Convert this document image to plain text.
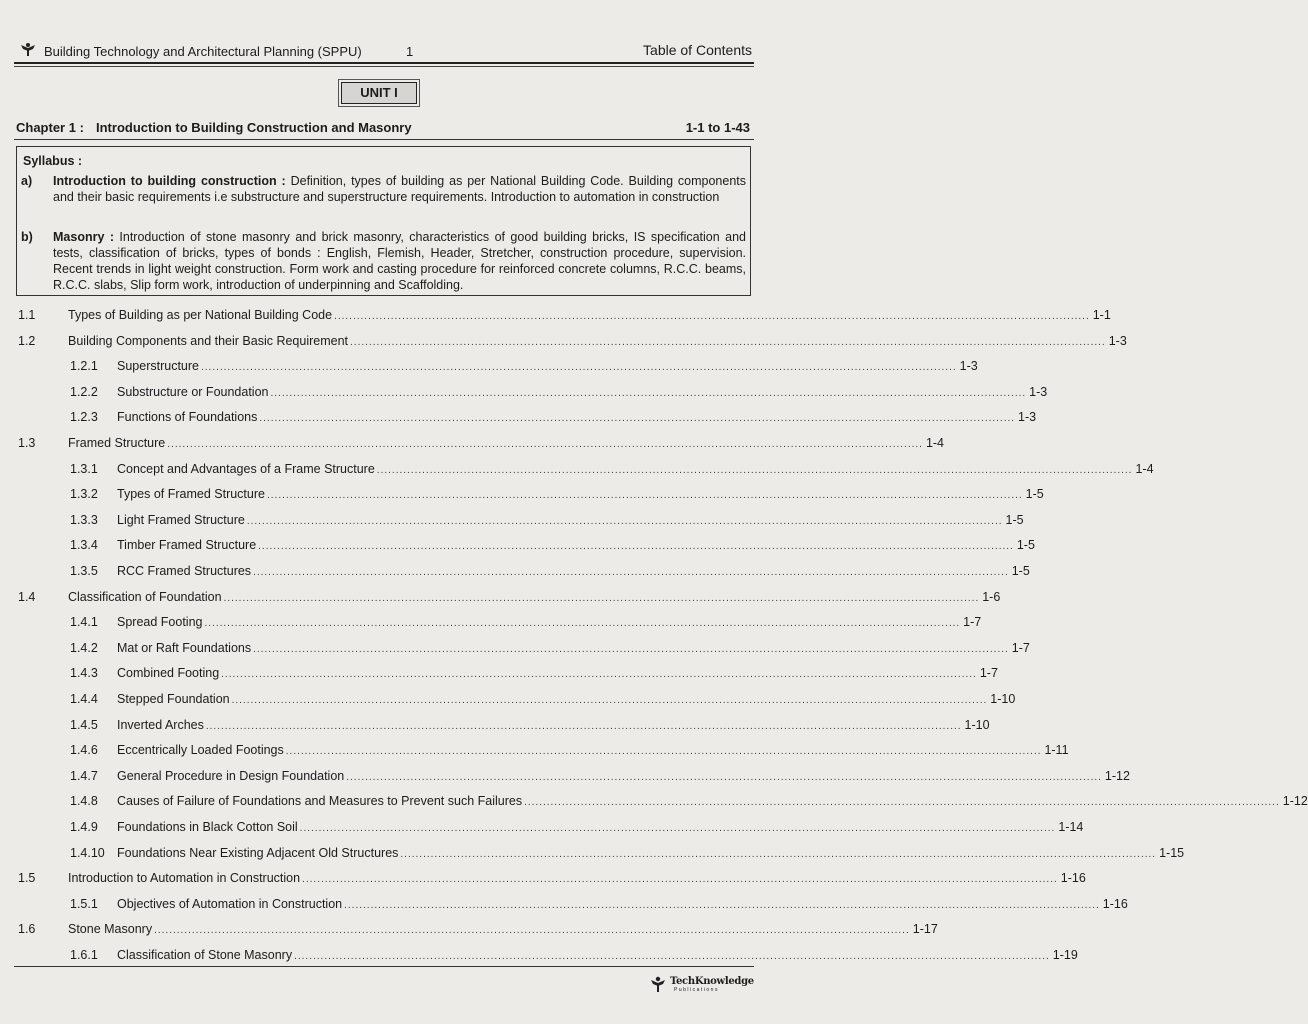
Building Technology and Architectural Planning (SPPU)	1	Table of Contents
UNIT I
Chapter 1 : Introduction to Building Construction and Masonry	1-1 to 1-43
Syllabus :
a) Introduction to building construction : Definition, types of building as per National Building Code. Building components and their basic requirements i.e substructure and superstructure requirements. Introduction to automation in construction
b) Masonry : Introduction of stone masonry and brick masonry, characteristics of good building bricks, IS specification and tests, classification of bricks, types of bonds : English, Flemish, Header, Stretcher, construction procedure, supervision. Recent trends in light weight construction. Form work and casting procedure for reinforced concrete columns, R.C.C. beams, R.C.C. slabs, Slip form work, introduction of underpinning and Scaffolding.
1.1	Types of Building as per National Building Code ........................................................................................................................................................................................................ 1-1
1.2	Building Components and their Basic Requirement ........................................................................................................................................................................................................ 1-3
1.2.1 Superstructure ........................................................................................................................................................................................................ 1-3
1.2.2 Substructure or Foundation ........................................................................................................................................................................................................ 1-3
1.2.3 Functions of Foundations ........................................................................................................................................................................................................ 1-3
1.3	Framed Structure ........................................................................................................................................................................................................ 1-4
1.3.1 Concept and Advantages of a Frame Structure ........................................................................................................................................................................................................ 1-4
1.3.2 Types of Framed Structure ........................................................................................................................................................................................................ 1-5
1.3.3 Light Framed Structure ........................................................................................................................................................................................................ 1-5
1.3.4 Timber Framed Structure ........................................................................................................................................................................................................ 1-5
1.3.5 RCC Framed Structures ........................................................................................................................................................................................................ 1-5
1.4	Classification of Foundation ........................................................................................................................................................................................................ 1-6
1.4.1 Spread Footing ........................................................................................................................................................................................................ 1-7
1.4.2 Mat or Raft Foundations ........................................................................................................................................................................................................ 1-7
1.4.3 Combined Footing ........................................................................................................................................................................................................ 1-7
1.4.4 Stepped Foundation ........................................................................................................................................................................................................ 1-10
1.4.5 Inverted Arches ........................................................................................................................................................................................................ 1-10
1.4.6 Eccentrically Loaded Footings ........................................................................................................................................................................................................ 1-11
1.4.7 General Procedure in Design Foundation ........................................................................................................................................................................................................ 1-12
1.4.8 Causes of Failure of Foundations and Measures to Prevent such Failures ........................................................................................................................................................................................................ 1-12
1.4.9 Foundations in Black Cotton Soil ........................................................................................................................................................................................................ 1-14
1.4.10 Foundations Near Existing Adjacent Old Structures ........................................................................................................................................................................................................ 1-15
1.5	Introduction to Automation in Construction ........................................................................................................................................................................................................ 1-16
1.5.1 Objectives of Automation in Construction ........................................................................................................................................................................................................ 1-16
1.6	Stone Masonry ........................................................................................................................................................................................................ 1-17
1.6.1 Classification of Stone Masonry ........................................................................................................................................................................................................ 1-19
TechKnowledge
Publications
